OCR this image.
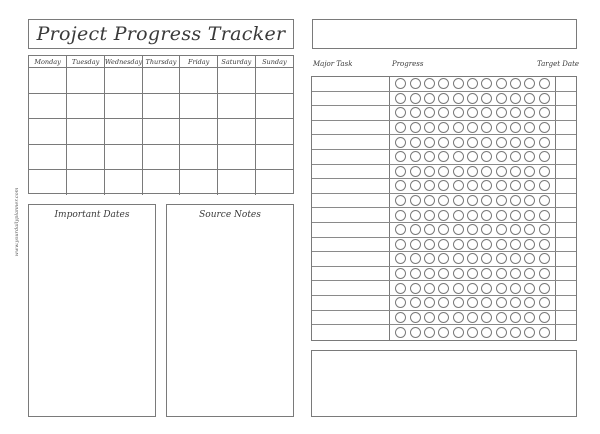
Project Progress Tracker
Monday	Tuesday	Wednesday	Thursday	Friday	Saturday	Sunday

Important Dates	Source Notes
www.yourdailyplanner.com
Major Task	Progress	Target Date
